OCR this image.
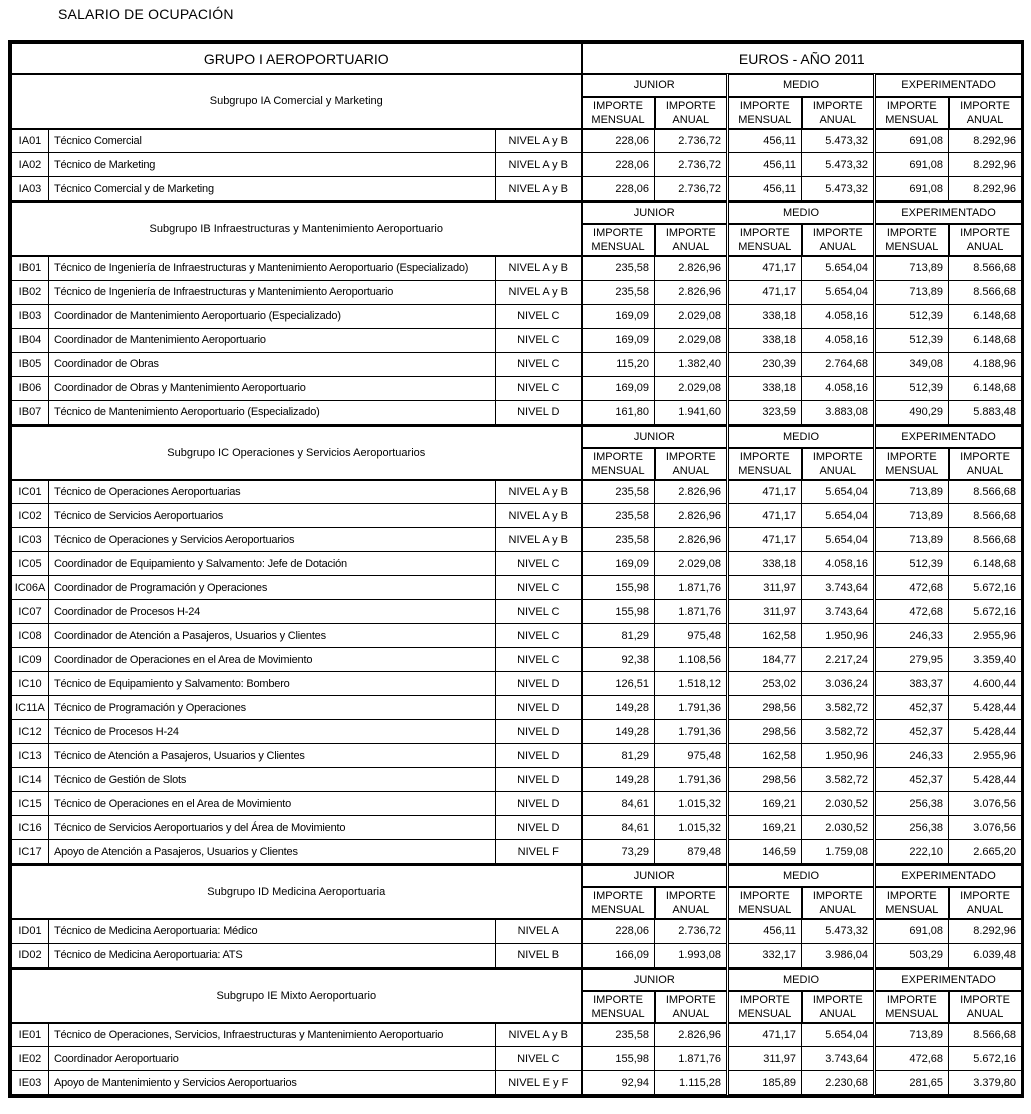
SALARIO DE OCUPACIÓN
GRUPO I AEROPORTUARIO	EUROS - AÑO 2011
Subgrupo IA Comercial y Marketing			JUNIOR		MEDIO		EXPERIMENTADO	
			IMPORTE MENSUAL	IMPORTE ANUAL	IMPORTE MENSUAL	IMPORTE ANUAL	IMPORTE MENSUAL	IMPORTE ANUAL
IA01	Técnico Comercial	NIVEL A y B	228,06	2.736,72	456,11	5.473,32	691,08	8.292,96
IA02	Técnico de Marketing	NIVEL A y B	228,06	2.736,72	456,11	5.473,32	691,08	8.292,96
IA03	Técnico Comercial y de Marketing	NIVEL A y B	228,06	2.736,72	456,11	5.473,32	691,08	8.292,96
Subgrupo IB Infraestructuras y Mantenimiento Aeroportuario			JUNIOR		MEDIO		EXPERIMENTADO	
			IMPORTE MENSUAL	IMPORTE ANUAL	IMPORTE MENSUAL	IMPORTE ANUAL	IMPORTE MENSUAL	IMPORTE ANUAL
IB01	Técnico de Ingeniería de Infraestructuras y Mantenimiento Aeroportuario (Especializado)	NIVEL A y B	235,58	2.826,96	471,17	5.654,04	713,89	8.566,68
IB02	Técnico de Ingeniería de Infraestructuras y Mantenimiento Aeroportuario	NIVEL A y B	235,58	2.826,96	471,17	5.654,04	713,89	8.566,68
IB03	Coordinador de Mantenimiento Aeroportuario (Especializado)	NIVEL C	169,09	2.029,08	338,18	4.058,16	512,39	6.148,68
IB04	Coordinador de Mantenimiento Aeroportuario	NIVEL C	169,09	2.029,08	338,18	4.058,16	512,39	6.148,68
IB05	Coordinador de Obras	NIVEL C	115,20	1.382,40	230,39	2.764,68	349,08	4.188,96
IB06	Coordinador de Obras y Mantenimiento Aeroportuario	NIVEL C	169,09	2.029,08	338,18	4.058,16	512,39	6.148,68
IB07	Técnico de Mantenimiento Aeroportuario (Especializado)	NIVEL D	161,80	1.941,60	323,59	3.883,08	490,29	5.883,48
Subgrupo IC Operaciones y Servicios Aeroportuarios			JUNIOR		MEDIO		EXPERIMENTADO	
			IMPORTE MENSUAL	IMPORTE ANUAL	IMPORTE MENSUAL	IMPORTE ANUAL	IMPORTE MENSUAL	IMPORTE ANUAL
IC01	Técnico de Operaciones Aeroportuarias	NIVEL A y B	235,58	2.826,96	471,17	5.654,04	713,89	8.566,68
IC02	Técnico de Servicios Aeroportuarios	NIVEL A y B	235,58	2.826,96	471,17	5.654,04	713,89	8.566,68
IC03	Técnico de Operaciones y Servicios Aeroportuarios	NIVEL A y B	235,58	2.826,96	471,17	5.654,04	713,89	8.566,68
IC05	Coordinador de Equipamiento y Salvamento: Jefe de Dotación	NIVEL C	169,09	2.029,08	338,18	4.058,16	512,39	6.148,68
IC06A	Coordinador de Programación y Operaciones	NIVEL C	155,98	1.871,76	311,97	3.743,64	472,68	5.672,16
IC07	Coordinador de Procesos H-24	NIVEL C	155,98	1.871,76	311,97	3.743,64	472,68	5.672,16
IC08	Coordinador de Atención a Pasajeros, Usuarios y Clientes	NIVEL C	81,29	975,48	162,58	1.950,96	246,33	2.955,96
IC09	Coordinador de Operaciones en el Area de Movimiento	NIVEL C	92,38	1.108,56	184,77	2.217,24	279,95	3.359,40
IC10	Técnico de Equipamiento y Salvamento: Bombero	NIVEL D	126,51	1.518,12	253,02	3.036,24	383,37	4.600,44
IC11A	Técnico de Programación y Operaciones	NIVEL D	149,28	1.791,36	298,56	3.582,72	452,37	5.428,44
IC12	Técnico de Procesos H-24	NIVEL D	149,28	1.791,36	298,56	3.582,72	452,37	5.428,44
IC13	Técnico de Atención a Pasajeros, Usuarios y Clientes	NIVEL D	81,29	975,48	162,58	1.950,96	246,33	2.955,96
IC14	Técnico de Gestión de Slots	NIVEL D	149,28	1.791,36	298,56	3.582,72	452,37	5.428,44
IC15	Técnico de Operaciones en el Area de Movimiento	NIVEL D	84,61	1.015,32	169,21	2.030,52	256,38	3.076,56
IC16	Técnico de Servicios Aeroportuarios y del Área de Movimiento	NIVEL D	84,61	1.015,32	169,21	2.030,52	256,38	3.076,56
IC17	Apoyo de Atención a Pasajeros, Usuarios y Clientes	NIVEL F	73,29	879,48	146,59	1.759,08	222,10	2.665,20
Subgrupo ID Medicina Aeroportuaria			JUNIOR		MEDIO		EXPERIMENTADO	
			IMPORTE MENSUAL	IMPORTE ANUAL	IMPORTE MENSUAL	IMPORTE ANUAL	IMPORTE MENSUAL	IMPORTE ANUAL
ID01	Técnico de Medicina Aeroportuaria: Médico	NIVEL A	228,06	2.736,72	456,11	5.473,32	691,08	8.292,96
ID02	Técnico de Medicina Aeroportuaria: ATS	NIVEL B	166,09	1.993,08	332,17	3.986,04	503,29	6.039,48
Subgrupo IE Mixto Aeroportuario			JUNIOR		MEDIO		EXPERIMENTADO	
			IMPORTE MENSUAL	IMPORTE ANUAL	IMPORTE MENSUAL	IMPORTE ANUAL	IMPORTE MENSUAL	IMPORTE ANUAL
IE01	Técnico de Operaciones, Servicios, Infraestructuras y Mantenimiento Aeroportuario	NIVEL A y B	235,58	2.826,96	471,17	5.654,04	713,89	8.566,68
IE02	Coordinador Aeroportuario	NIVEL C	155,98	1.871,76	311,97	3.743,64	472,68	5.672,16
IE03	Apoyo de Mantenimiento y Servicios Aeroportuarios	NIVEL E y F	92,94	1.115,28	185,89	2.230,68	281,65	3.379,80
